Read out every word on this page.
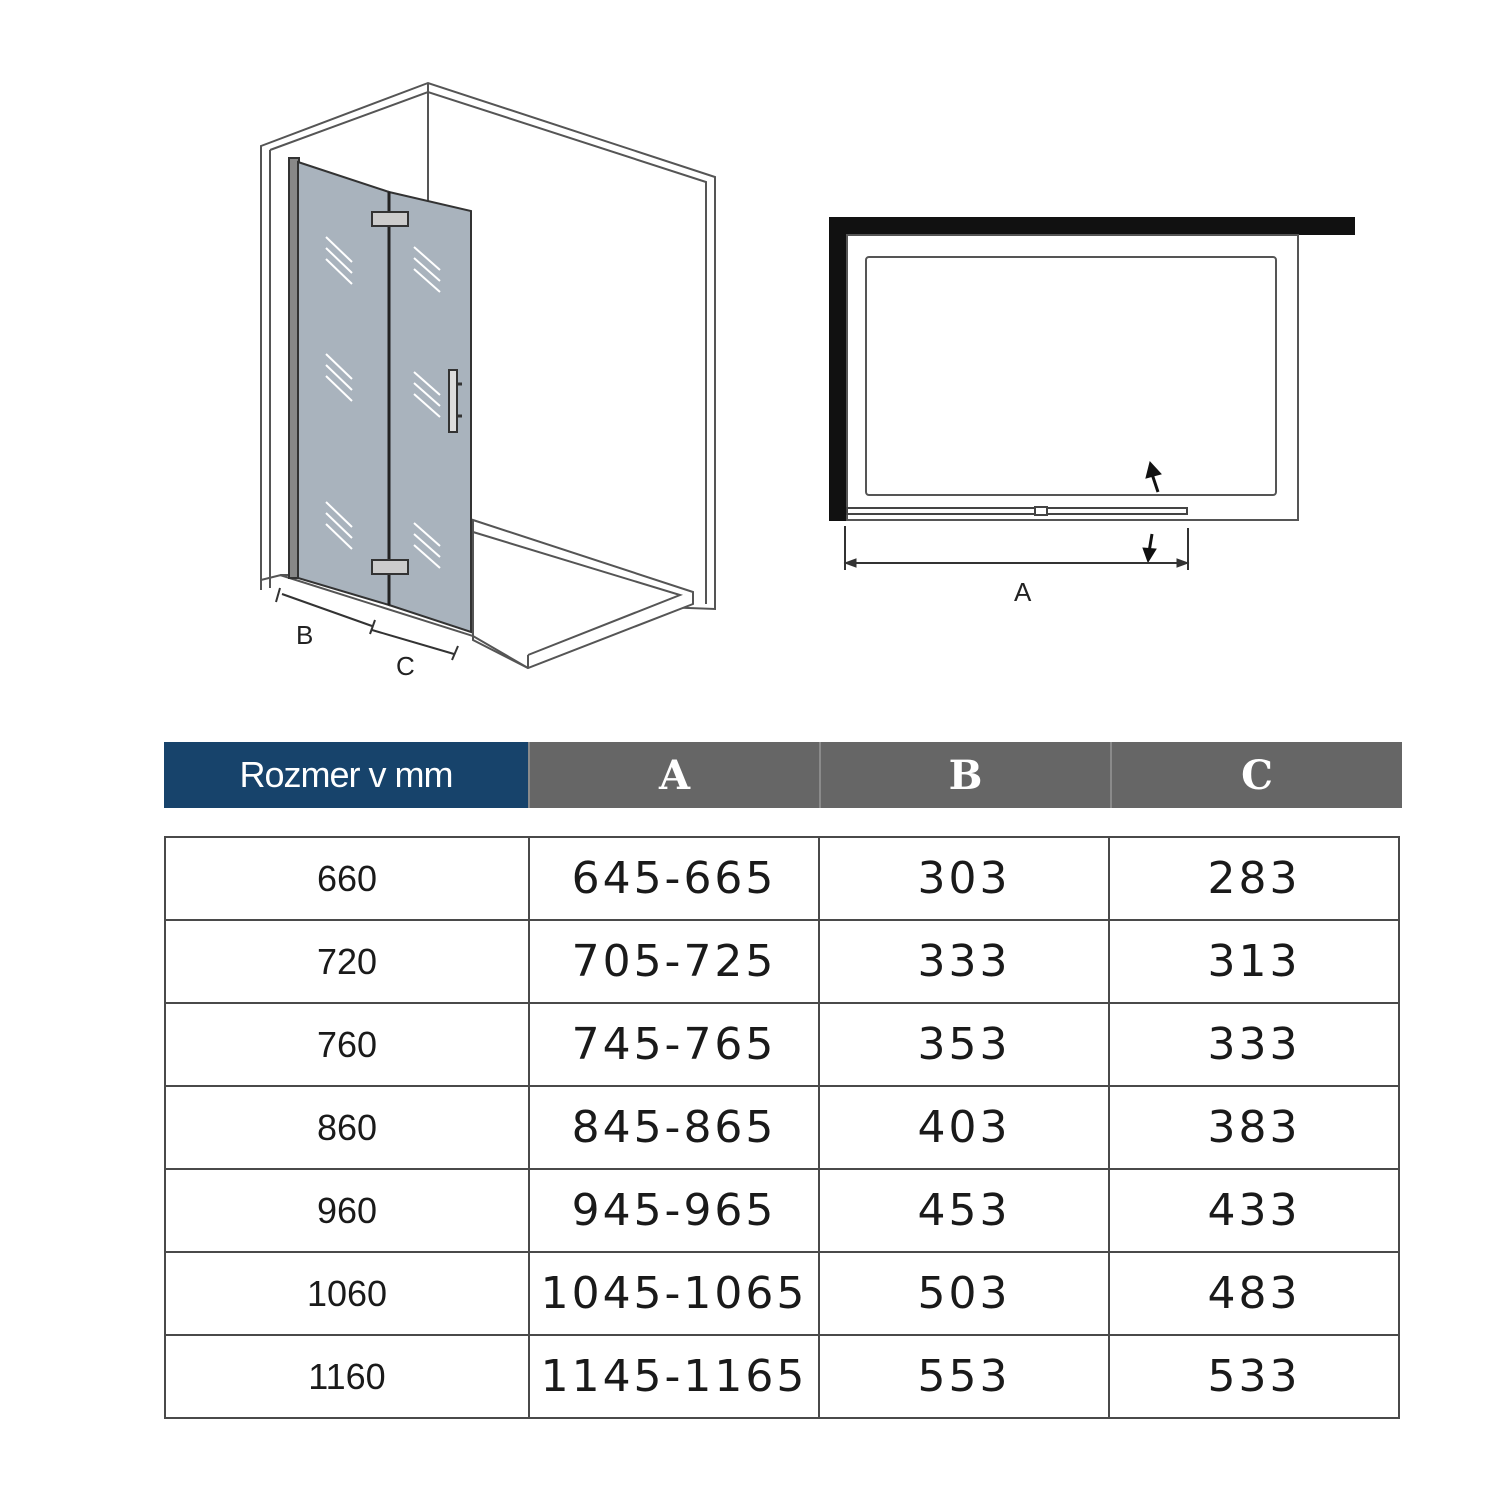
B
C
A
Rozmer v mm	A	B	C
660	645-665	303	283
720	705-725	333	313
760	745-765	353	333
860	845-865	403	383
960	945-965	453	433
1060	1045-1065	503	483
1160	1145-1165	553	533
